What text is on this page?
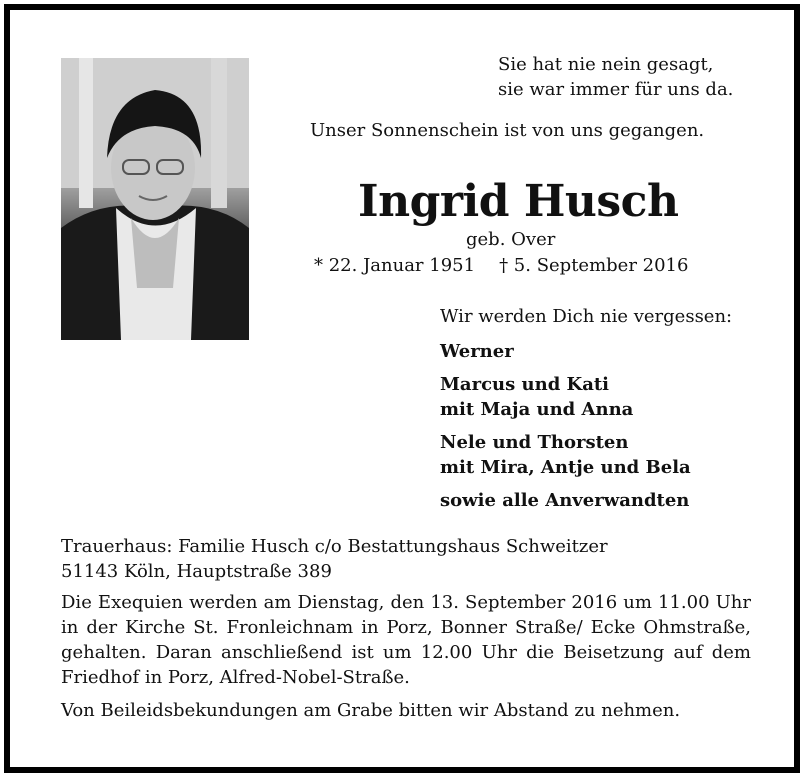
Sie hat nie nein gesagt,
sie war immer für uns da.
Unser Sonnenschein ist von uns gegangen.
Ingrid Husch
geb. Over
* 22. Januar 1951 † 5. September 2016
Wir werden Dich nie vergessen:
Werner
Marcus und Kati
mit Maja und Anna
Nele und Thorsten
mit Mira, Antje und Bela
sowie alle Anverwandten

Trauerhaus: Familie Husch c/o Bestattungshaus Schweitzer

51143 Köln, Hauptstraße 389

Die Exequien werden am Dienstag, den 13. September 2016 um 11.00 Uhr in der Kirche St. Fronleichnam in Porz, Bonner Straße/ Ecke Ohmstraße, gehalten. Daran anschließend ist um 12.00 Uhr die Beisetzung auf dem Friedhof in Porz, Alfred-Nobel-Straße.

Von Beileidsbekundungen am Grabe bitten wir Abstand zu nehmen.
